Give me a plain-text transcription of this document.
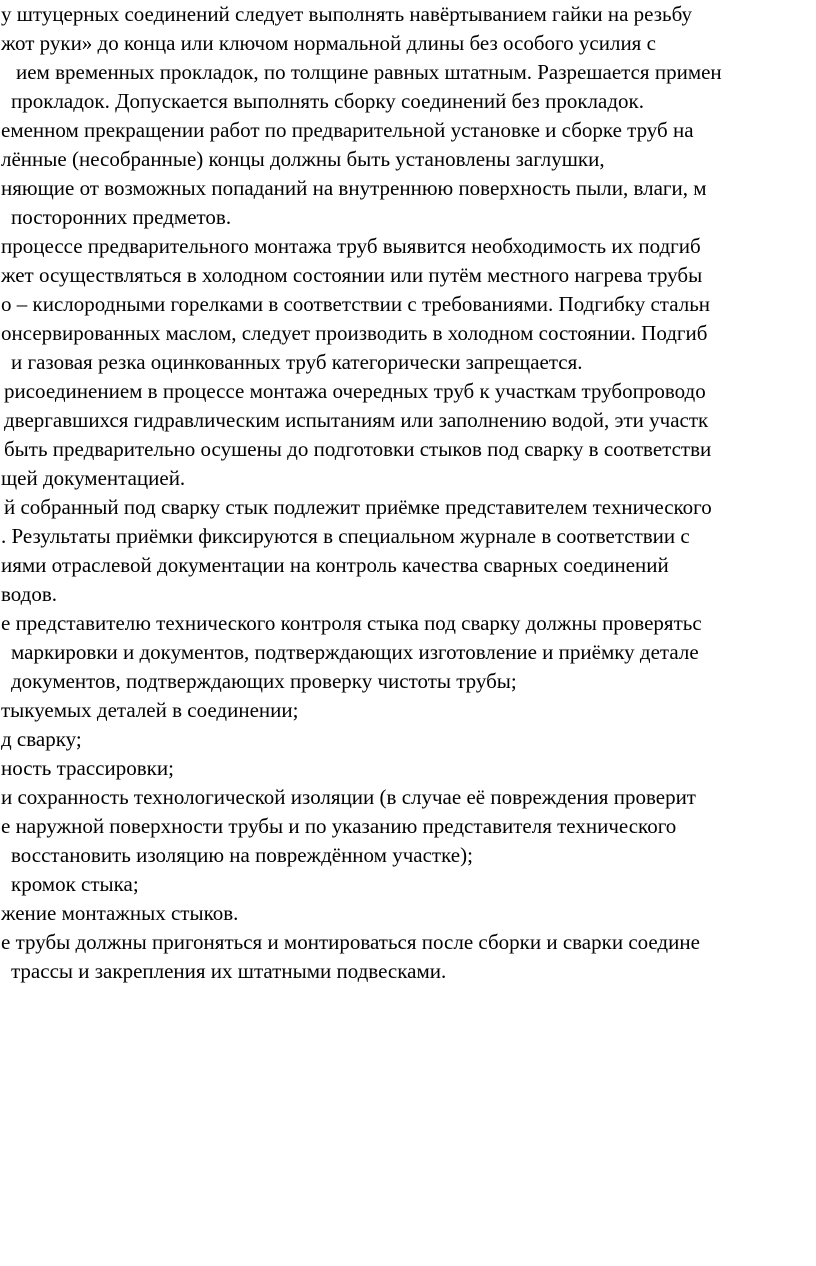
у штуцерных соединений следует выполнять навёртыванием гайки на резьбу
жот руки» до конца или ключом нормальной длины без особого усилия с
ием временных прокладок, по толщине равных штатным. Разрешается примен
прокладок. Допускается выполнять сборку соединений без прокладок.
еменном прекращении работ по предварительной установке и сборке труб на
лённые (несобранные) концы должны быть установлены заглушки,
няющие от возможных попаданий на внутреннюю поверхность пыли, влаги, м
посторонних предметов.
процессе предварительного монтажа труб выявится необходимость их подгиб
жет осуществляться в холодном состоянии или путём местного нагрева трубы
о – кислородными горелками в соответствии с требованиями. Подгибку стальн
онсервированных маслом, следует производить в холодном состоянии. Подгиб
и газовая резка оцинкованных труб категорически запрещается.
рисоединением в процессе монтажа очередных труб к участкам трубопроводо
двергавшихся гидравлическим испытаниям или заполнению водой, эти участк
быть предварительно осушены до подготовки стыков под сварку в соответстви
щей документацией.
й собранный под сварку стык подлежит приёмке представителем технического
. Результаты приёмки фиксируются в специальном журнале в соответствии с
иями отраслевой документации на контроль качества сварных соединений
водов.
е представителю технического контроля стыка под сварку должны проверятьс
маркировки и документов, подтверждающих изготовление и приёмку детале
документов, подтверждающих проверку чистоты трубы;
тыкуемых деталей в соединении;
д сварку;
ность трассировки;
и сохранность технологической изоляции (в случае её повреждения проверит
е наружной поверхности трубы и по указанию представителя технического
восстановить изоляцию на повреждённом участке);
кромок стыка;
жение монтажных стыков.
е трубы должны пригоняться и монтироваться после сборки и сварки соедине
трассы и закрепления их штатными подвесками.
